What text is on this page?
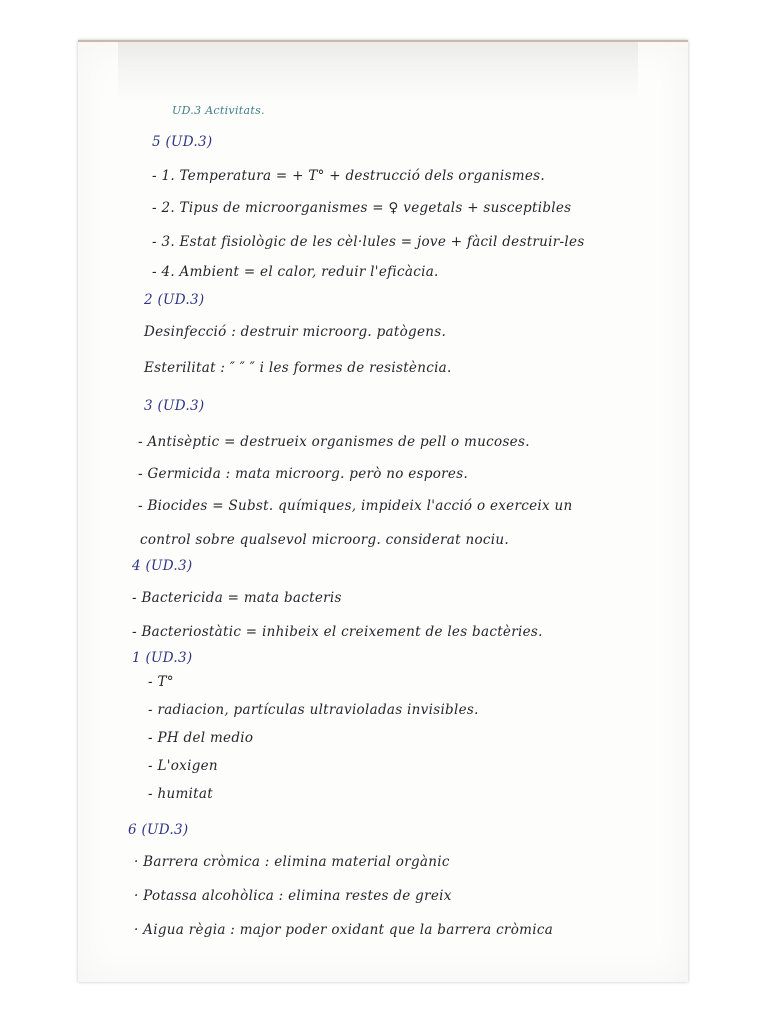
UD.3 Activitats.
5 (UD.3)
- 1. Temperatura = + T° + destrucció dels organismes.
- 2. Tipus de microorganismes = ♀ vegetals + susceptibles
- 3. Estat fisiològic de les cèl·lules = jove + fàcil destruir-les
- 4. Ambient = el calor, reduir l'eficàcia.
2 (UD.3)
Desinfecció : destruir microorg. patògens.
Esterilitat : ″ ″ ″ i les formes de resistència.
3 (UD.3)
- Antisèptic = destrueix organismes de pell o mucoses.
- Germicida : mata microorg. però no espores.
- Biocides = Subst. químiques, impideix l'acció o exerceix un
control sobre qualsevol microorg. considerat nociu.
4 (UD.3)
- Bactericida = mata bacteris
- Bacteriostàtic = inhibeix el creixement de les bactèries.
1 (UD.3)
- T°
- radiacion, partículas ultravioladas invisibles.
- PH del medio
- L'oxigen
- humitat
6 (UD.3)
· Barrera cròmica : elimina material orgànic
· Potassa alcohòlica : elimina restes de greix
· Aigua règia : major poder oxidant que la barrera cròmica
